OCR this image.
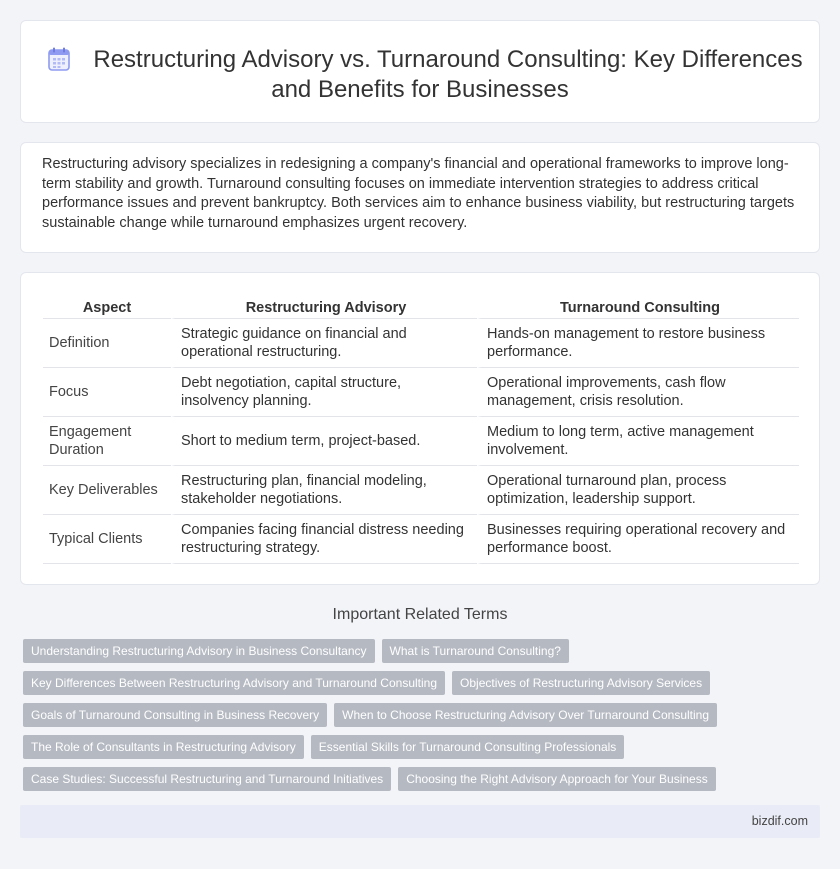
Restructuring Advisory vs. Turnaround Consulting: Key Differences
and Benefits for Businesses

Restructuring advisory specializes in redesigning a company's financial and operational frameworks to improve long-term stability and growth. Turnaround consulting focuses on immediate intervention strategies to address critical performance issues and prevent bankruptcy. Both services aim to enhance business viability, but restructuring targets sustainable change while turnaround emphasizes urgent recovery.

Aspect	Restructuring Advisory	Turnaround Consulting
Definition	Strategic guidance on financial and operational restructuring.	Hands-on management to restore business performance.
Focus	Debt negotiation, capital structure, insolvency planning.	Operational improvements, cash flow management, crisis resolution.
Engagement Duration	Short to medium term, project-based.	Medium to long term, active management involvement.
Key Deliverables	Restructuring plan, financial modeling, stakeholder negotiations.	Operational turnaround plan, process optimization, leadership support.
Typical Clients	Companies facing financial distress needing restructuring strategy.	Businesses requiring operational recovery and performance boost.
Important Related Terms
Understanding Restructuring Advisory in Business Consultancy	What is Turnaround Consulting?
Key Differences Between Restructuring Advisory and Turnaround Consulting	Objectives of Restructuring Advisory Services
Goals of Turnaround Consulting in Business Recovery	When to Choose Restructuring Advisory Over Turnaround Consulting
The Role of Consultants in Restructuring Advisory	Essential Skills for Turnaround Consulting Professionals
Case Studies: Successful Restructuring and Turnaround Initiatives	Choosing the Right Advisory Approach for Your Business
bizdif.com
